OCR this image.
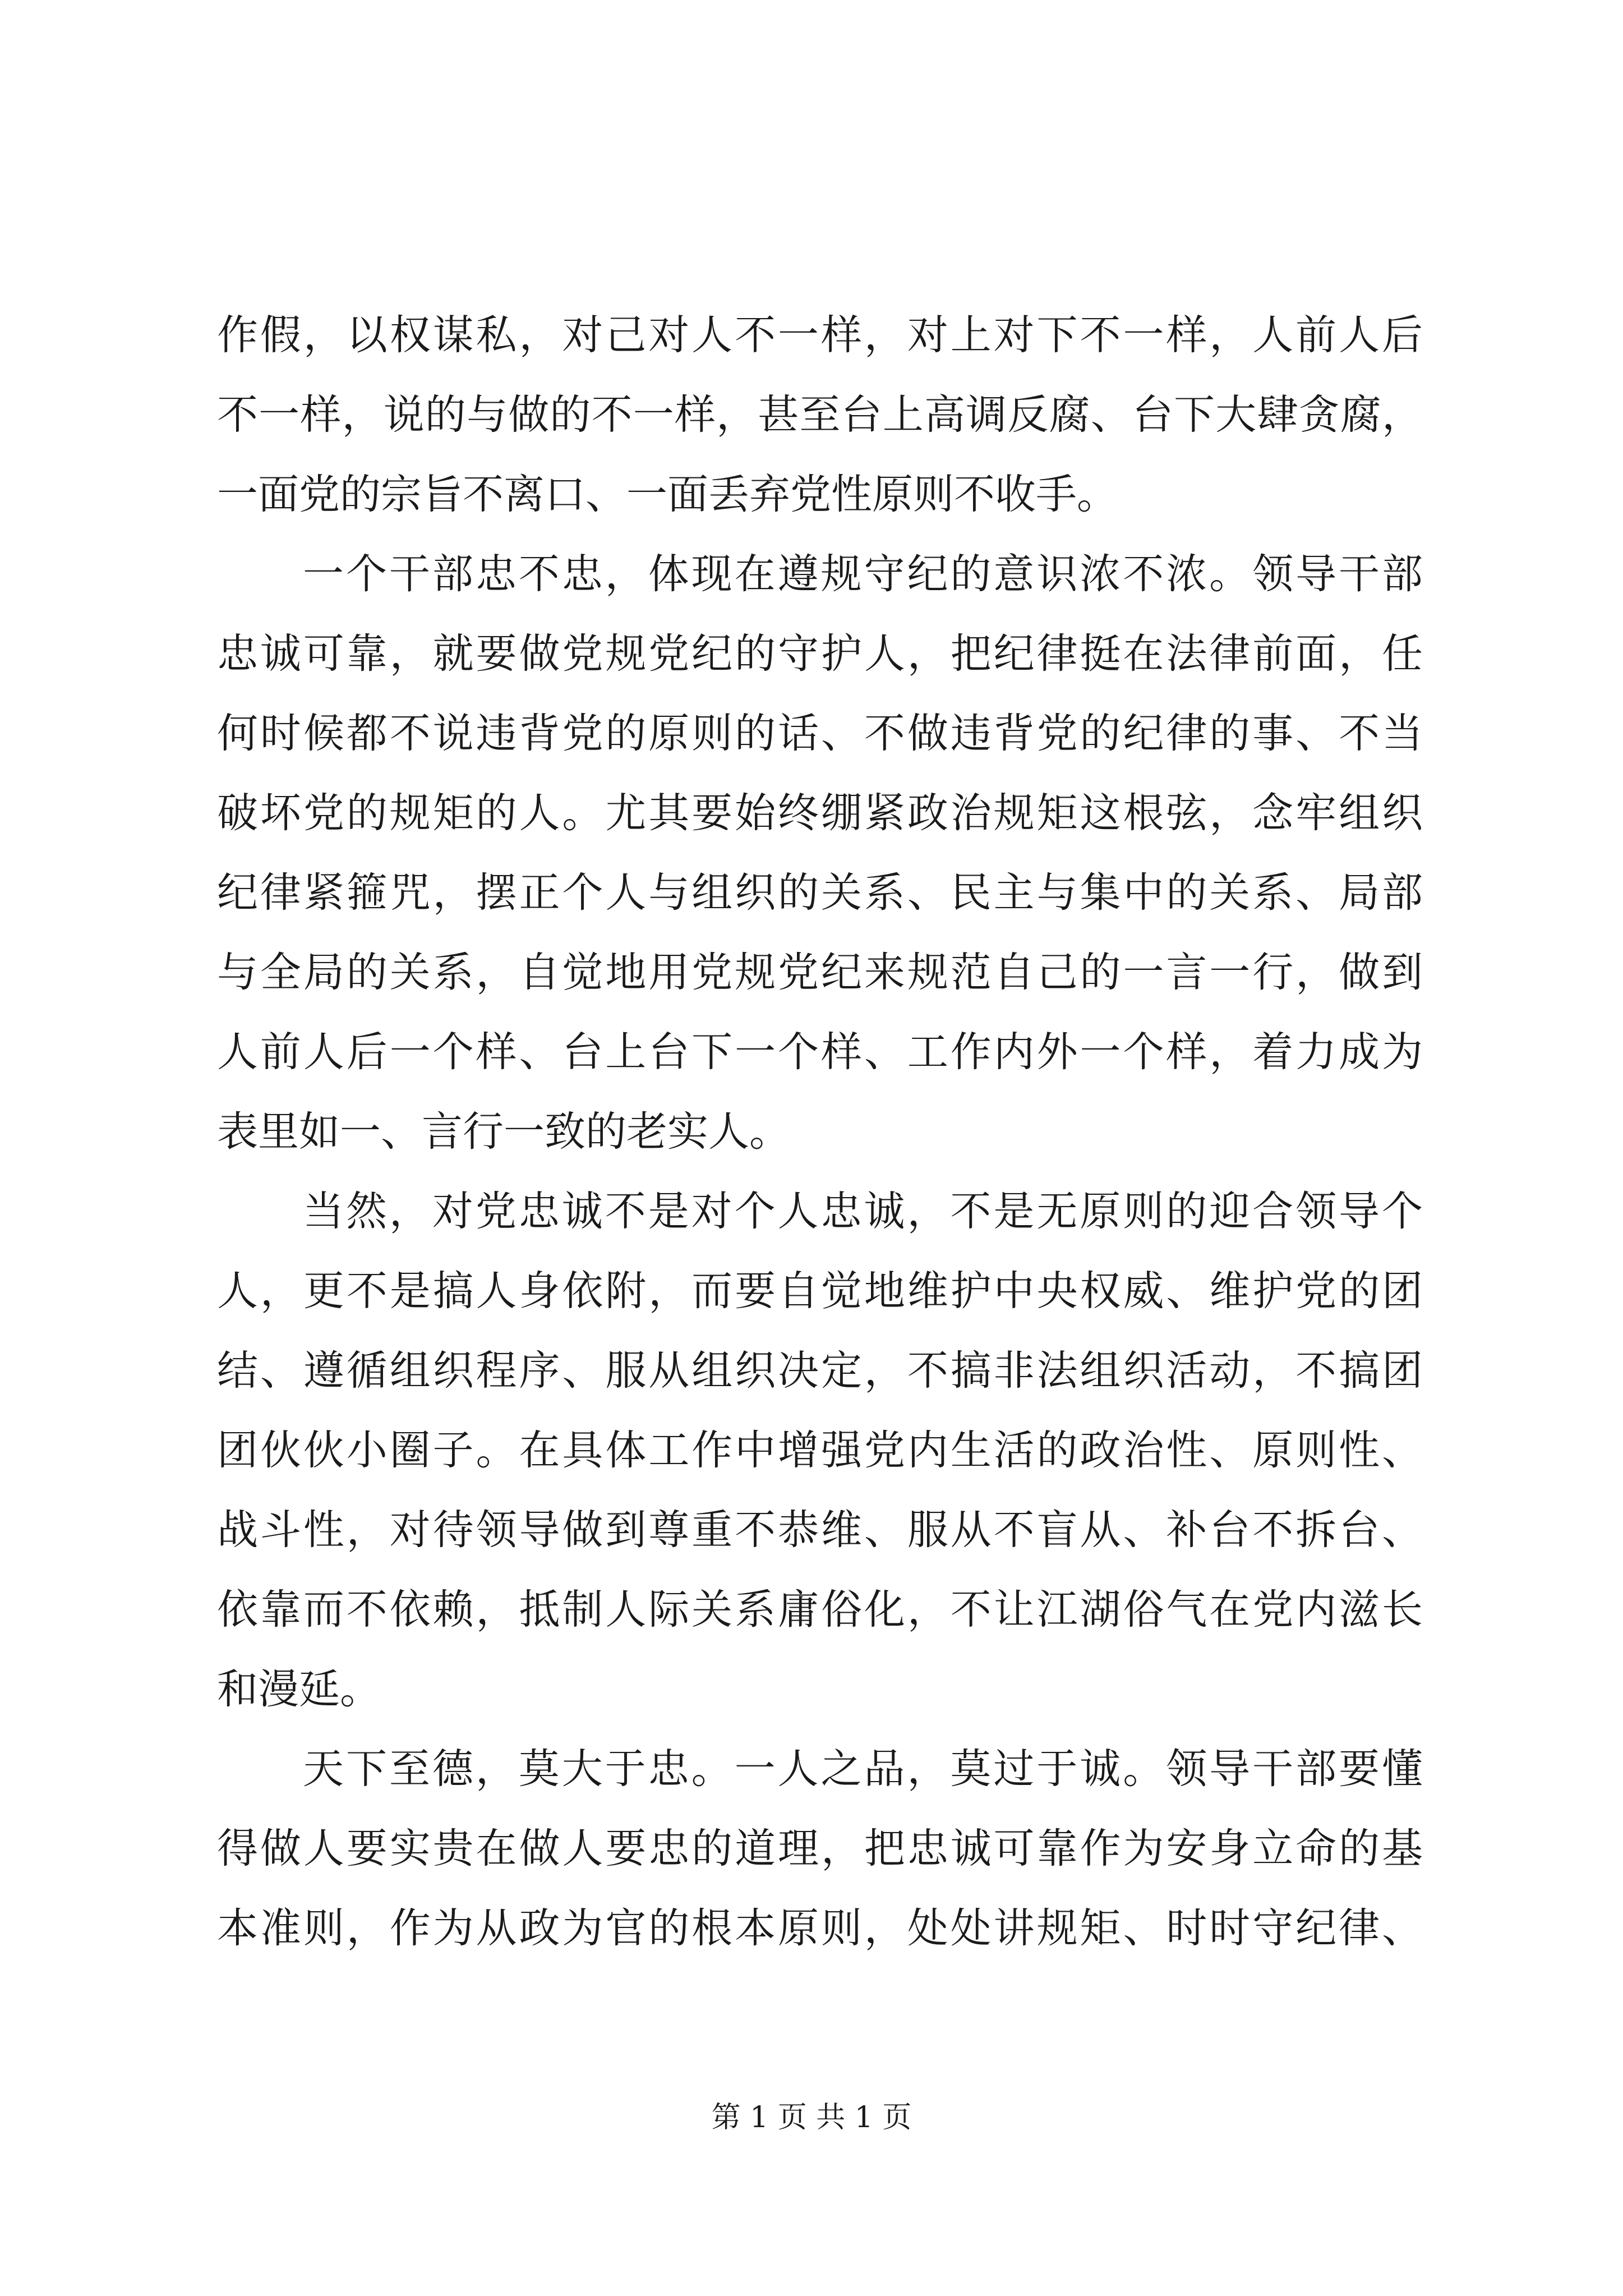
作假，以权谋私，对己对人不一样，对上对下不一样，人前人后
不一样，说的与做的不一样，甚至台上高调反腐、台下大肆贪腐，
一面党的宗旨不离口、一面丢弃党性原则不收手。
一个干部忠不忠，体现在遵规守纪的意识浓不浓。领导干部
忠诚可靠，就要做党规党纪的守护人，把纪律挺在法律前面，任
何时候都不说违背党的原则的话、不做违背党的纪律的事、不当
破坏党的规矩的人。尤其要始终绷紧政治规矩这根弦，念牢组织
纪律紧箍咒，摆正个人与组织的关系、民主与集中的关系、局部
与全局的关系，自觉地用党规党纪来规范自己的一言一行，做到
人前人后一个样、台上台下一个样、工作内外一个样，着力成为
表里如一、言行一致的老实人。
当然，对党忠诚不是对个人忠诚，不是无原则的迎合领导个
人，更不是搞人身依附，而要自觉地维护中央权威、维护党的团
结、遵循组织程序、服从组织决定，不搞非法组织活动，不搞团
团伙伙小圈子。在具体工作中增强党内生活的政治性、原则性、
战斗性，对待领导做到尊重不恭维、服从不盲从、补台不拆台、
依靠而不依赖，抵制人际关系庸俗化，不让江湖俗气在党内滋长
和漫延。
天下至德，莫大于忠。一人之品，莫过于诚。领导干部要懂
得做人要实贵在做人要忠的道理，把忠诚可靠作为安身立命的基
本准则，作为从政为官的根本原则，处处讲规矩、时时守纪律、
第 1 页 共 1 页
